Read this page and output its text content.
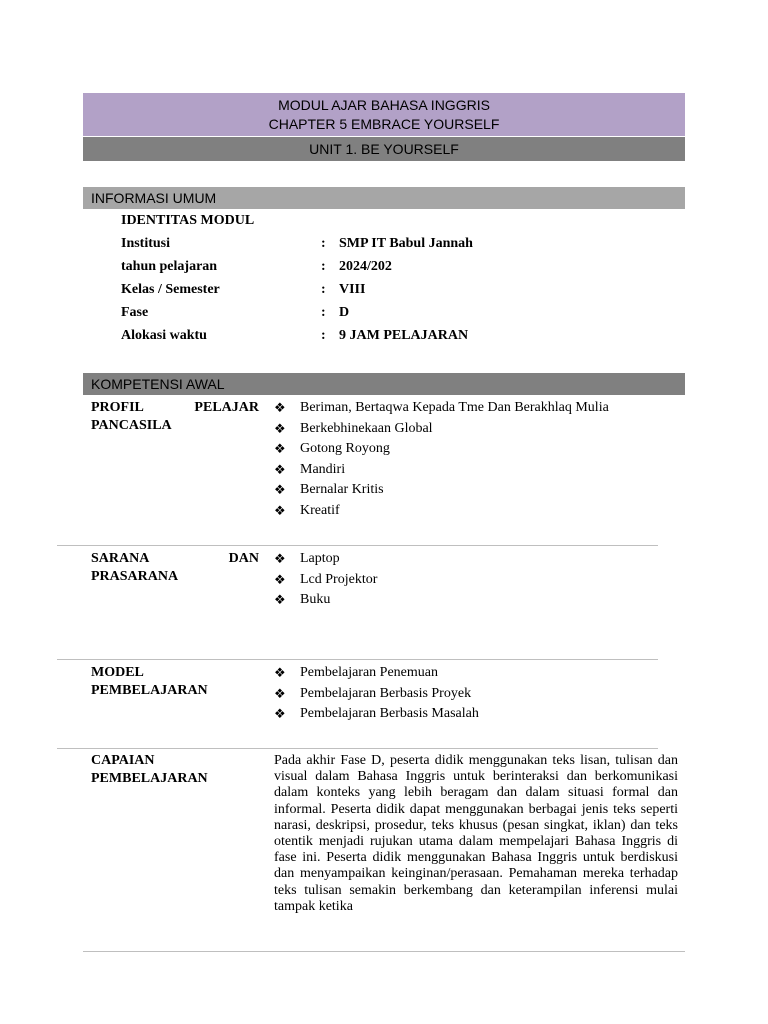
MODUL AJAR BAHASA INGGRIS
CHAPTER 5 EMBRACE YOURSELF
UNIT 1. BE YOURSELF
INFORMASI UMUM
IDENTITAS MODUL
Institusi	: SMP IT Babul Jannah
tahun pelajaran	: 2024/202
Kelas / Semester	: VIII
Fase	: D
Alokasi waktu	: 9 JAM PELAJARAN
KOMPETENSI AWAL
PROFIL PELAJAR
PANCASILA
❖ Beriman, Bertaqwa Kepada Tme Dan Berakhlaq Mulia
❖ Berkebhinekaan Global
❖ Gotong Royong
❖ Mandiri
❖ Bernalar Kritis
❖ Kreatif
SARANA DAN
PRASARANA
❖ Laptop
❖ Lcd Projektor
❖ Buku
MODEL
PEMBELAJARAN
❖ Pembelajaran Penemuan
❖ Pembelajaran Berbasis Proyek
❖ Pembelajaran Berbasis Masalah
CAPAIAN
PEMBELAJARAN
Pada akhir Fase D, peserta didik menggunakan teks lisan, tulisan dan visual dalam Bahasa Inggris untuk berinteraksi dan berkomunikasi dalam konteks yang lebih beragam dan dalam situasi formal dan informal. Peserta didik dapat menggunakan berbagai jenis teks seperti narasi, deskripsi, prosedur, teks khusus (pesan singkat, iklan) dan teks otentik menjadi rujukan utama dalam mempelajari Bahasa Inggris di fase ini. Peserta didik menggunakan Bahasa Inggris untuk berdiskusi dan menyampaikan keinginan/perasaan. Pemahaman mereka terhadap teks tulisan semakin berkembang dan keterampilan inferensi mulai tampak ketika
